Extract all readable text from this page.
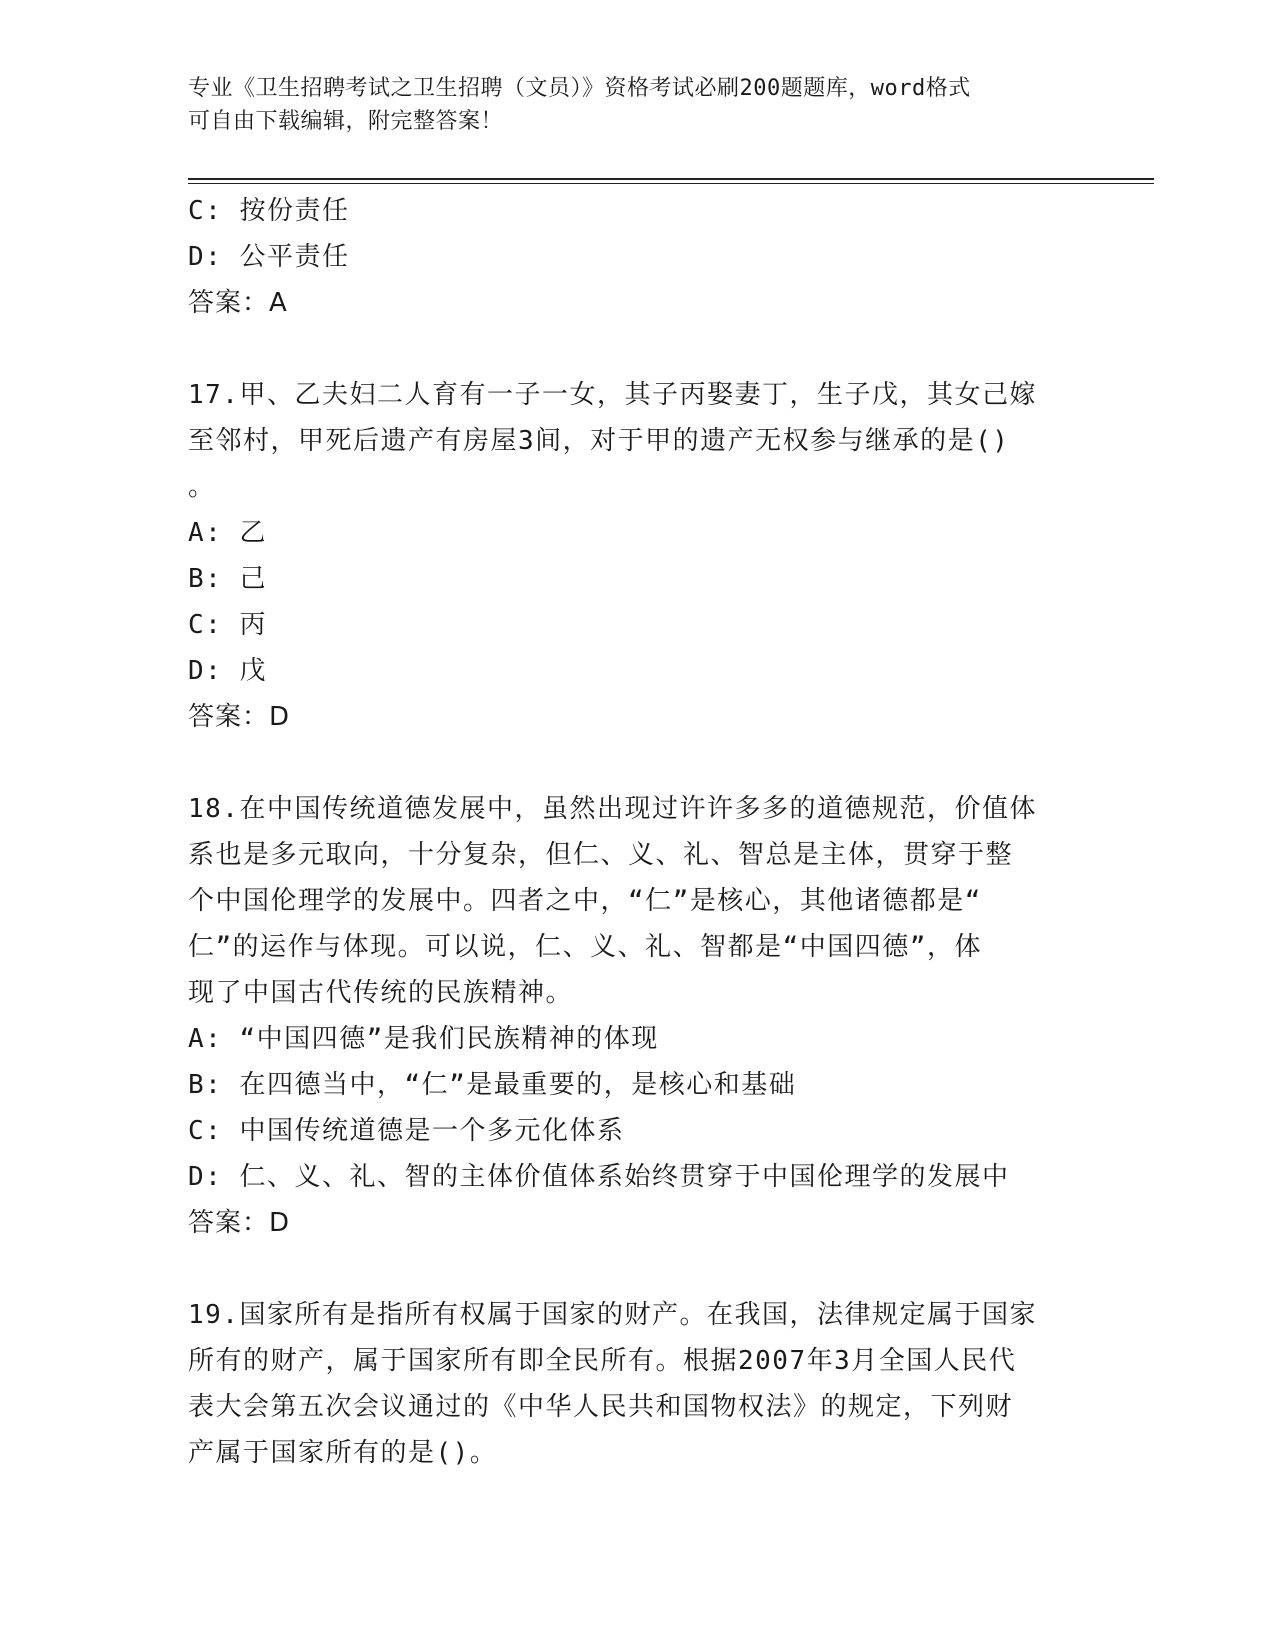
专业《卫生招聘考试之卫生招聘（文员）》资格考试必刷200题题库，word格式
可自由下载编辑，附完整答案！
C: 按份责任
D: 公平责任
答案：A
17.甲、乙夫妇二人育有一子一女，其子丙娶妻丁，生子戊，其女己嫁
至邻村，甲死后遗产有房屋3间，对于甲的遗产无权参与继承的是()
。
A: 乙
B: 己
C: 丙
D: 戊
答案：D
18.在中国传统道德发展中，虽然出现过许许多多的道德规范，价值体
系也是多元取向，十分复杂，但仁、义、礼、智总是主体，贯穿于整
个中国伦理学的发展中。四者之中，“仁”是核心，其他诸德都是“
仁”的运作与体现。可以说，仁、义、礼、智都是“中国四德”，体
现了中国古代传统的民族精神。
A: “中国四德”是我们民族精神的体现
B: 在四德当中，“仁”是最重要的，是核心和基础
C: 中国传统道德是一个多元化体系
D: 仁、义、礼、智的主体价值体系始终贯穿于中国伦理学的发展中
答案：D
19.国家所有是指所有权属于国家的财产。在我国，法律规定属于国家
所有的财产，属于国家所有即全民所有。根据2007年3月全国人民代
表大会第五次会议通过的《中华人民共和国物权法》的规定，下列财
产属于国家所有的是()。
